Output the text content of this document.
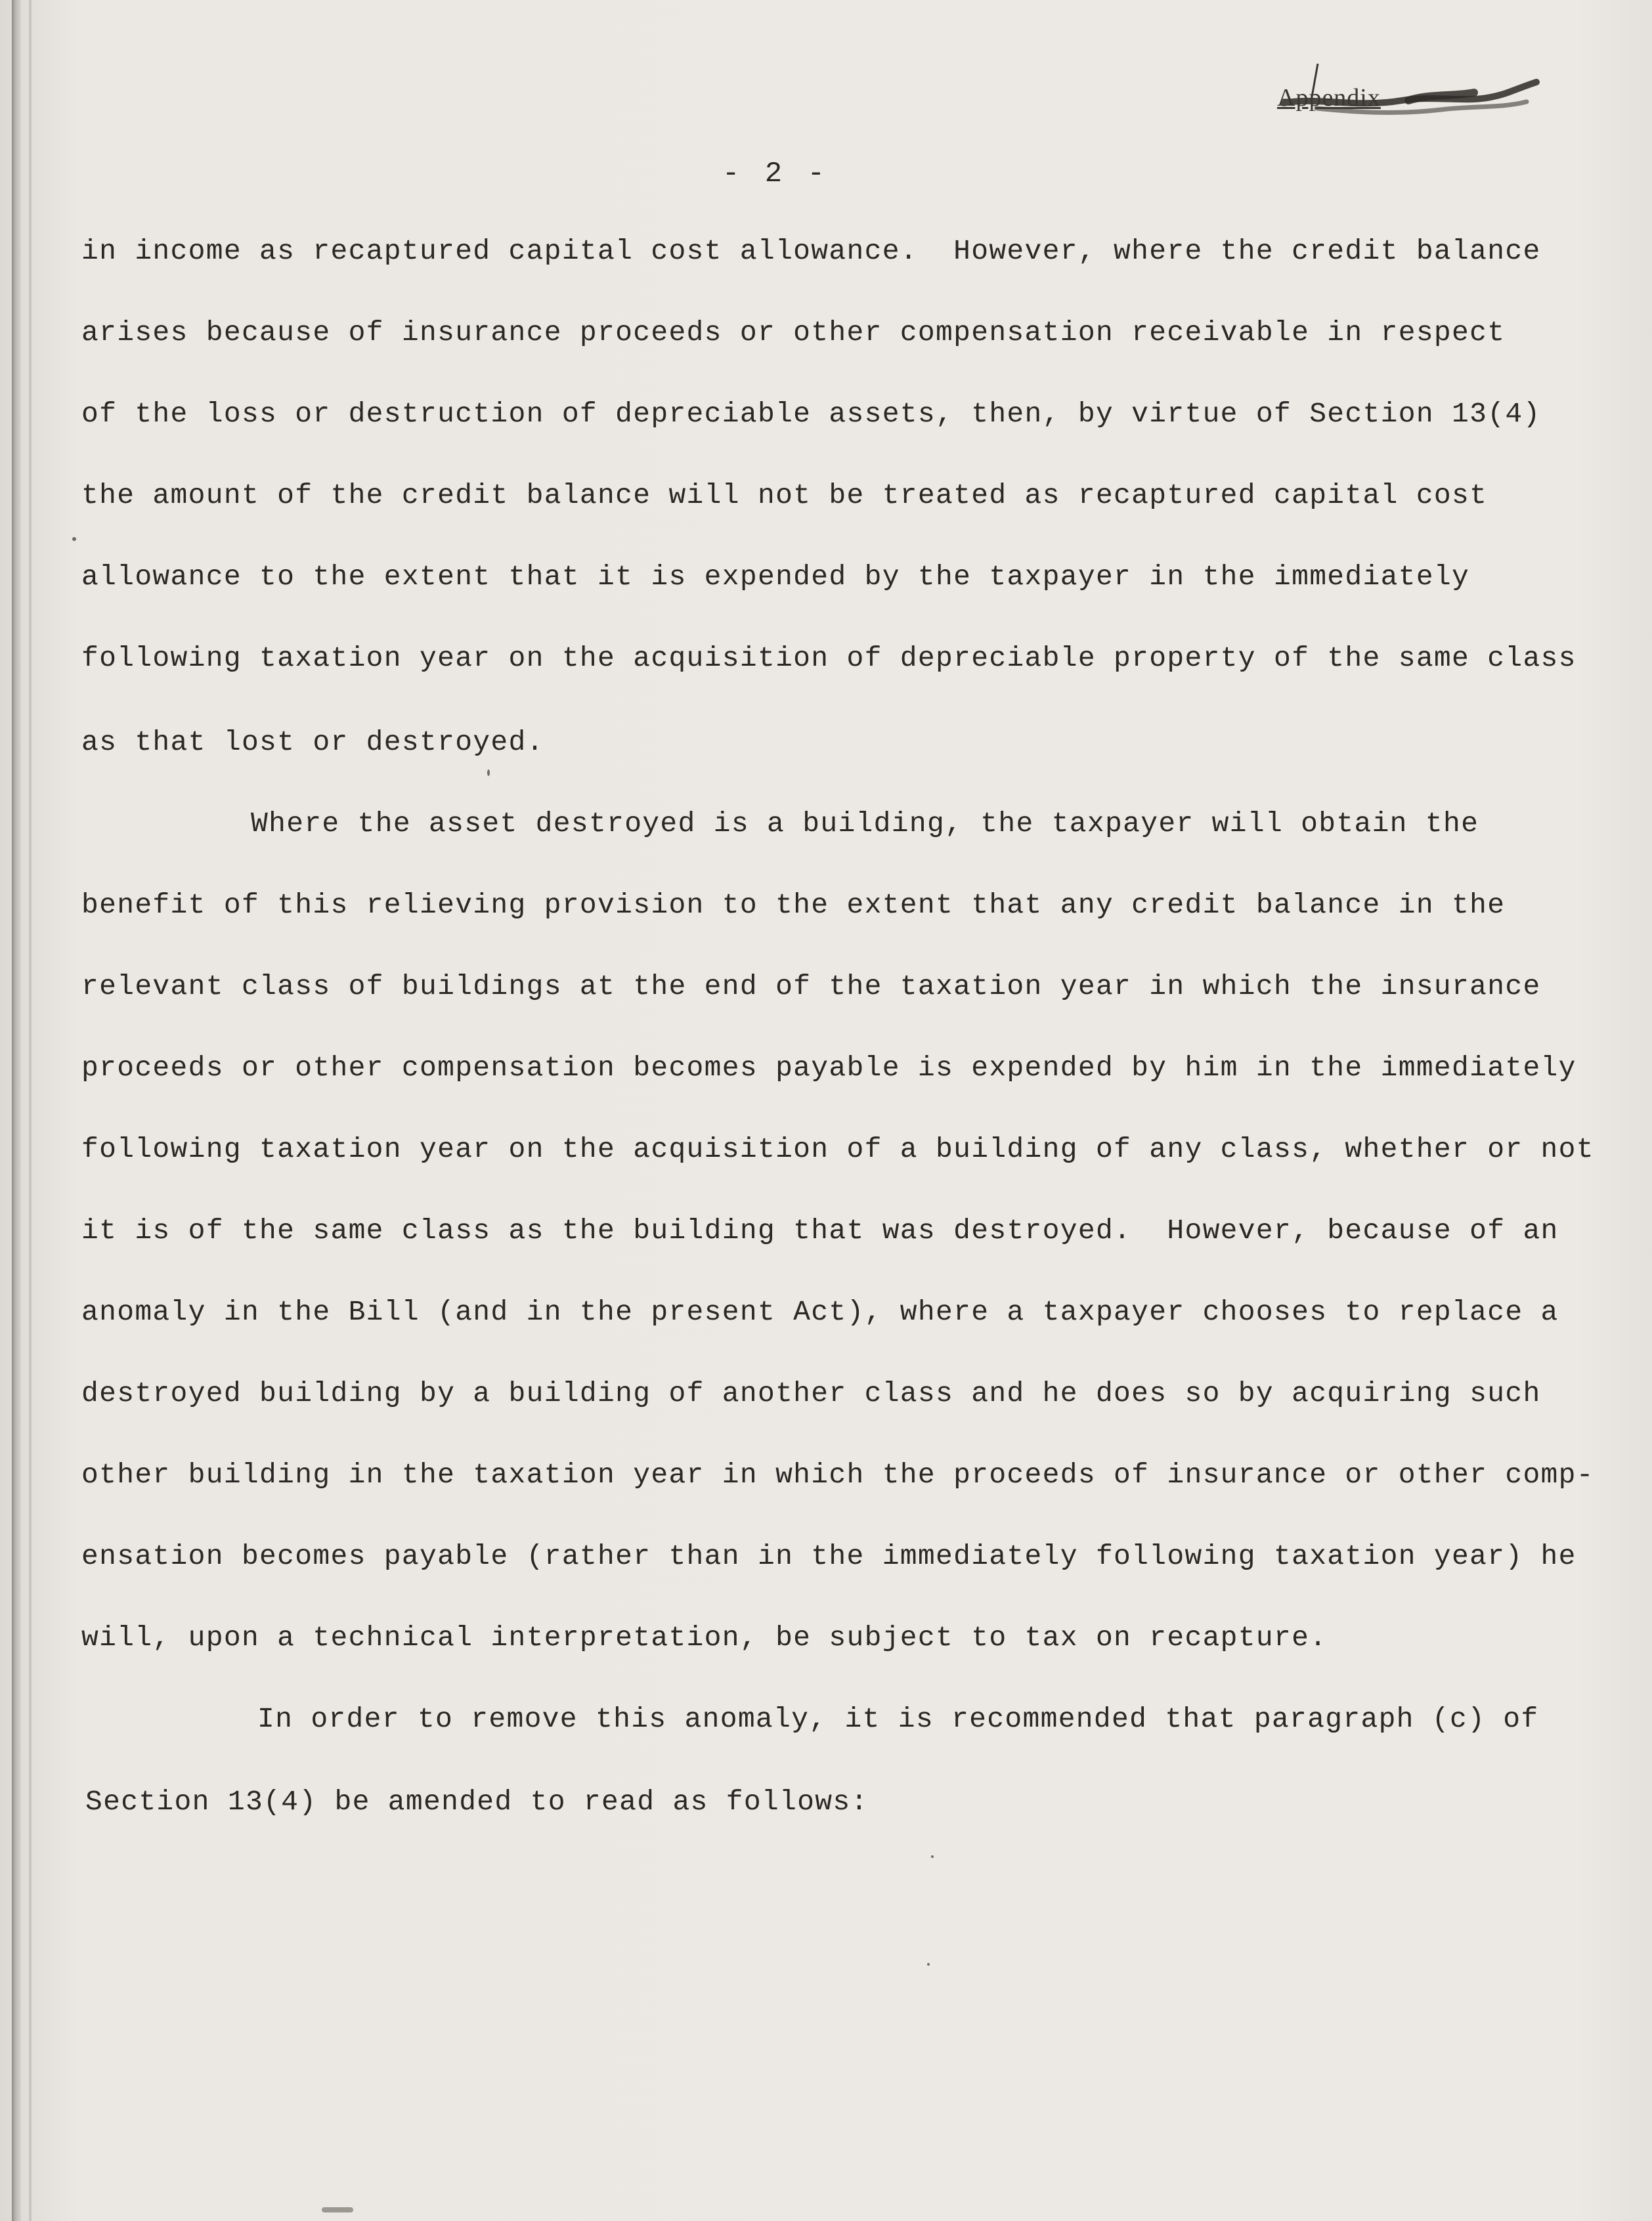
Appendix
- 2 -
in income as recaptured capital cost allowance.  However, where the credit balance
arises because of insurance proceeds or other compensation receivable in respect
of the loss or destruction of depreciable assets, then, by virtue of Section 13(4)
the amount of the credit balance will not be treated as recaptured capital cost
allowance to the extent that it is expended by the taxpayer in the immediately
following taxation year on the acquisition of depreciable property of the same class
as that lost or destroyed.
Where the asset destroyed is a building, the taxpayer will obtain the
benefit of this relieving provision to the extent that any credit balance in the
relevant class of buildings at the end of the taxation year in which the insurance
proceeds or other compensation becomes payable is expended by him in the immediately
following taxation year on the acquisition of a building of any class, whether or not
it is of the same class as the building that was destroyed.  However, because of an
anomaly in the Bill (and in the present Act), where a taxpayer chooses to replace a
destroyed building by a building of another class and he does so by acquiring such
other building in the taxation year in which the proceeds of insurance or other comp-
ensation becomes payable (rather than in the immediately following taxation year) he
will, upon a technical interpretation, be subject to tax on recapture.
In order to remove this anomaly, it is recommended that paragraph (c) of
Section 13(4) be amended to read as follows:
